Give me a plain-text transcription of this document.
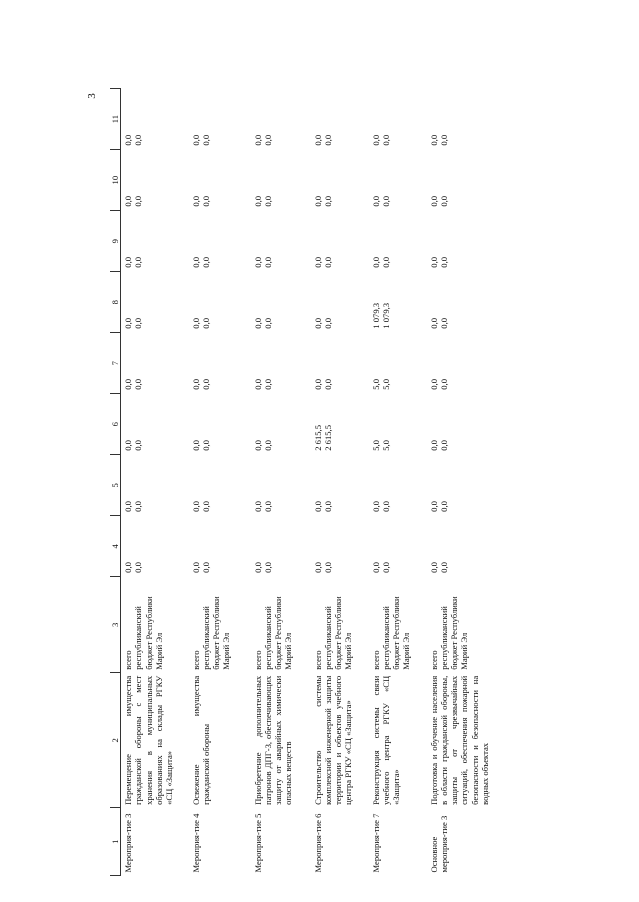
3
1	2	3	4	5	6	7	8	9	10	11
Мероприя-тие 3	Перемещение имущества гражданской обороны с мест хранения в муниципальных образованиях на склады РГКУ «СЦ «Защита»	всего республиканский бюджет Республики Марий Эл	0,0 0,0	0,0 0,0	0,0 0,0	0,0 0,0	0,0 0,0	0,0 0,0	0,0 0,0	0,0 0,0

Мероприя-тие 4	Освежение имущества гражданской обороны	всего республиканский бюджет Республики Марий Эл	0,0 0,0	0,0 0,0	0,0 0,0	0,0 0,0	0,0 0,0	0,0 0,0	0,0 0,0	0,0 0,0

Мероприя-тие 5	Приобретение дополнительных патронов ДПГ-3, обеспечивающих защиту от аварийных химически опасных веществ	всего республиканский бюджет Республики Марий Эл	0,0 0,0	0,0 0,0	0,0 0,0	0,0 0,0	0,0 0,0	0,0 0,0	0,0 0,0	0,0 0,0

Мероприя-тие 6	Строительство системы комплексной инженерной защиты территории и объектов учебного центра РГКУ «СЦ «Защита»	всего республиканский бюджет Республики Марий Эл	0,0 0,0	0,0 0,0	2 615,5 2 615,5	0,0 0,0	0,0 0,0	0,0 0,0	0,0 0,0	0,0 0,0

Мероприя-тие 7	Реконструкция системы связи учебного центра РГКУ «СЦ «Защита»	всего республиканский бюджет Республики Марий Эл	0,0 0,0	0,0 0,0	5,0 5,0	5,0 5,0	1 079,3 1 079,3	0,0 0,0	0,0 0,0	0,0 0,0

Основное мероприя-тие 3	Подготовка и обучение населения в области гражданской обороны, защиты от чрезвычайных ситуаций, обеспечения пожарной безопасности и безопасности на водных объектах	всего республиканский бюджет Республики Марий Эл	0,0 0,0	0,0 0,0	0,0 0,0	0,0 0,0	0,0 0,0	0,0 0,0	0,0 0,0	0,0 0,0
